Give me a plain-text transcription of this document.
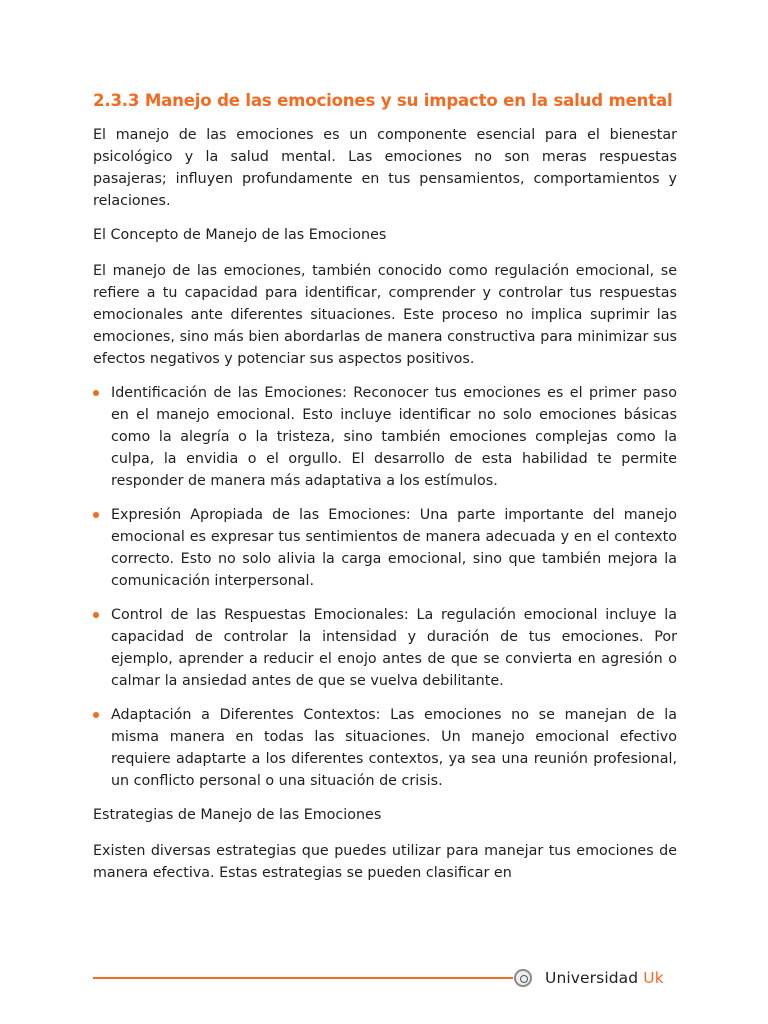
2.3.3 Manejo de las emociones y su impacto en la salud mental

El manejo de las emociones es un componente esencial para el bienestar psicológico y la salud mental. Las emociones no son meras respuestas pasajeras; influyen profundamente en tus pensamientos, comportamientos y relaciones.

El Concepto de Manejo de las Emociones

El manejo de las emociones, también conocido como regulación emocional, se refiere a tu capacidad para identificar, comprender y controlar tus respuestas emocionales ante diferentes situaciones. Este proceso no implica suprimir las emociones, sino más bien abordarlas de manera constructiva para minimizar sus efectos negativos y potenciar sus aspectos positivos.

Identificación de las Emociones: Reconocer tus emociones es el primer paso en el manejo emocional. Esto incluye identificar no solo emociones básicas como la alegría o la tristeza, sino también emociones complejas como la culpa, la envidia o el orgullo. El desarrollo de esta habilidad te permite responder de manera más adaptativa a los estímulos.
Expresión Apropiada de las Emociones: Una parte importante del manejo emocional es expresar tus sentimientos de manera adecuada y en el contexto correcto. Esto no solo alivia la carga emocional, sino que también mejora la comunicación interpersonal.
Control de las Respuestas Emocionales: La regulación emocional incluye la capacidad de controlar la intensidad y duración de tus emociones. Por ejemplo, aprender a reducir el enojo antes de que se convierta en agresión o calmar la ansiedad antes de que se vuelva debilitante.
Adaptación a Diferentes Contextos: Las emociones no se manejan de la misma manera en todas las situaciones. Un manejo emocional efectivo requiere adaptarte a los diferentes contextos, ya sea una reunión profesional, un conflicto personal o una situación de crisis.
Estrategias de Manejo de las Emociones

Existen diversas estrategias que puedes utilizar para manejar tus emociones de manera efectiva. Estas estrategias se pueden clasificar en

Universidad Uk
